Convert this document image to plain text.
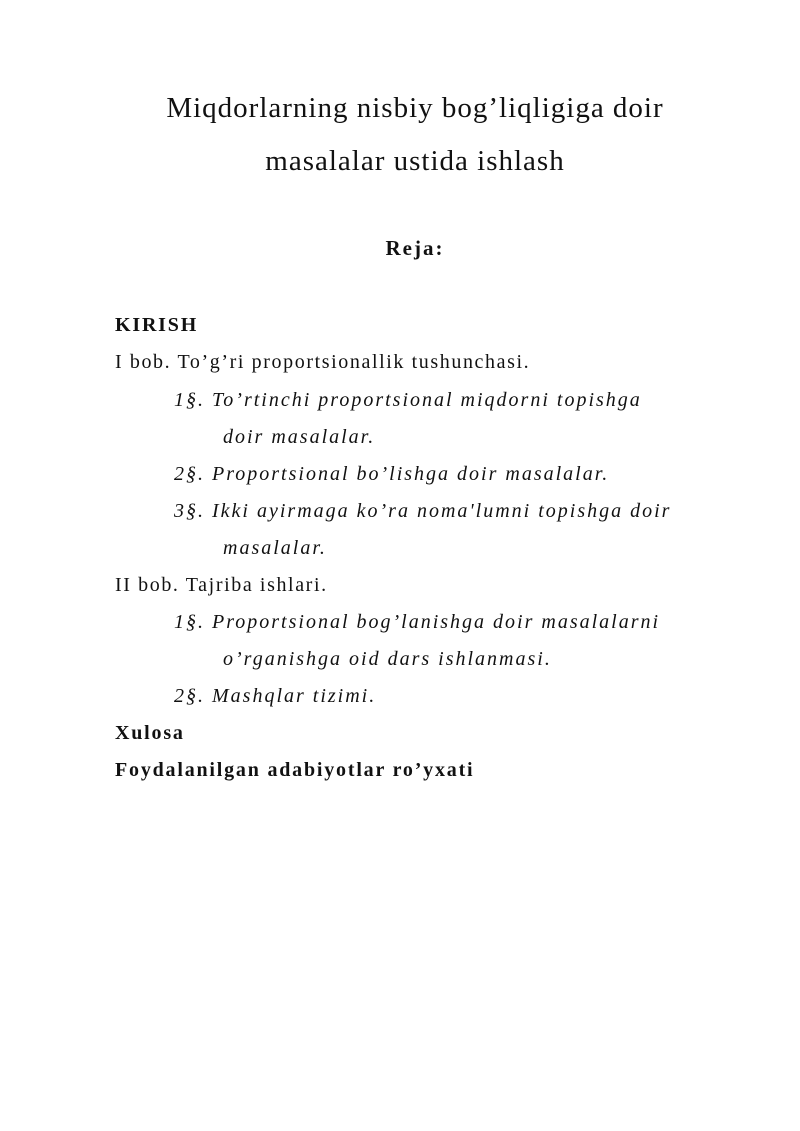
Miqdorlarning nisbiy bog’liqligiga doir
masalalar ustida ishlash
Reja:

KIRISH

I bob. To’g’ri proportsionallik tushunchasi.

1§. To’rtinchi proportsional miqdorni topishga

doir masalalar.

2§. Proportsional bo’lishga doir masalalar.

3§. Ikki ayirmaga ko’ra noma'lumni topishga doir

masalalar.

II bob. Tajriba ishlari.

1§. Proportsional bog’lanishga doir masalalarni

o’rganishga oid dars ishlanmasi.

2§. Mashqlar tizimi.

Xulosa

Foydalanilgan adabiyotlar ro’yxati
